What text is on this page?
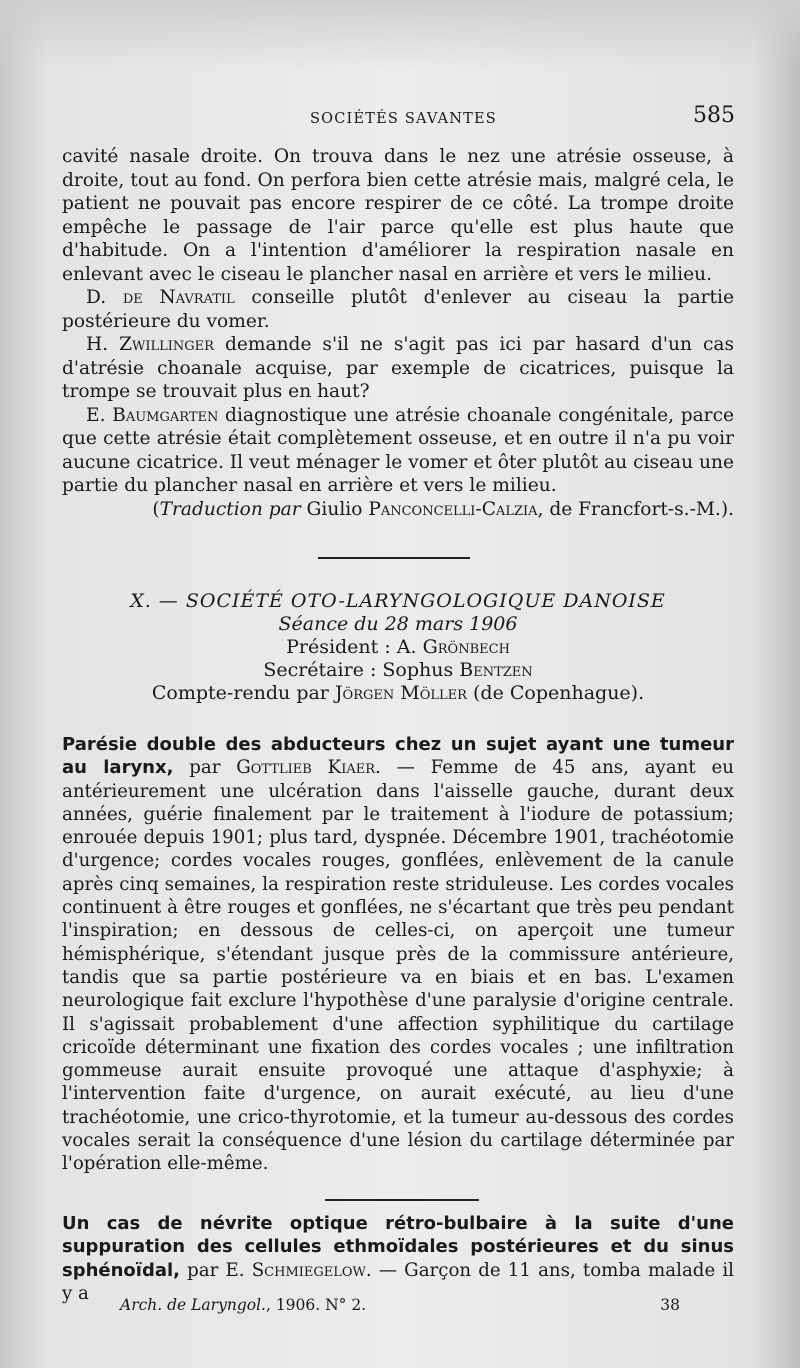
SOCIÉTÉS SAVANTES	585

cavité nasale droite. On trouva dans le nez une atrésie osseuse, à droite, tout au fond. On perfora bien cette atrésie mais, malgré cela, le patient ne pouvait pas encore respirer de ce côté. La trompe droite empêche le passage de l'air parce qu'elle est plus haute que d'habitude. On a l'intention d'améliorer la respiration nasale en enlevant avec le ciseau le plancher nasal en arrière et vers le milieu.

D. de Navratil conseille plutôt d'enlever au ciseau la partie postérieure du vomer.

H. Zwillinger demande s'il ne s'agit pas ici par hasard d'un cas d'atrésie choanale acquise, par exemple de cicatrices, puisque la trompe se trouvait plus en haut?

E. Baumgarten diagnostique une atrésie choanale congénitale, parce que cette atrésie était complètement osseuse, et en outre il n'a pu voir aucune cicatrice. Il veut ménager le vomer et ôter plutôt au ciseau une partie du plancher nasal en arrière et vers le milieu.

(Traduction par Giulio Panconcelli-Calzia, de Francfort-s.-M.).

X. — SOCIÉTÉ OTO-LARYNGOLOGIQUE DANOISE

Séance du 28 mars 1906

Président : A. Grönbech

Secrétaire : Sophus Bentzen

Compte-rendu par Jörgen Möller (de Copenhague).

Parésie double des abducteurs chez un sujet ayant une tumeur au larynx, par Gottlieb Kiaer. — Femme de 45 ans, ayant eu antérieurement une ulcération dans l'aisselle gauche, durant deux années, guérie finalement par le traitement à l'iodure de potassium; enrouée depuis 1901; plus tard, dyspnée. Décembre 1901, trachéotomie d'urgence; cordes vocales rouges, gonflées, enlèvement de la canule après cinq semaines, la respiration reste striduleuse. Les cordes vocales continuent à être rouges et gonflées, ne s'écartant que très peu pendant l'inspiration; en dessous de celles-ci, on aperçoit une tumeur hémisphérique, s'étendant jusque près de la commissure antérieure, tandis que sa partie postérieure va en biais et en bas. L'examen neurologique fait exclure l'hypothèse d'une paralysie d'origine centrale. Il s'agissait probablement d'une affection syphilitique du cartilage cricoïde déterminant une fixation des cordes vocales ; une infiltration gommeuse aurait ensuite provoqué une attaque d'asphyxie; à l'intervention faite d'urgence, on aurait exécuté, au lieu d'une trachéotomie, une crico-thyrotomie, et la tumeur au-dessous des cordes vocales serait la conséquence d'une lésion du cartilage déterminée par l'opération elle-même.

Un cas de névrite optique rétro-bulbaire à la suite d'une suppuration des cellules ethmoïdales postérieures et du sinus sphénoïdal, par E. Schmiegelow. — Garçon de 11 ans, tomba malade il y a

Arch. de Laryngol., 1906. N° 2.	38
